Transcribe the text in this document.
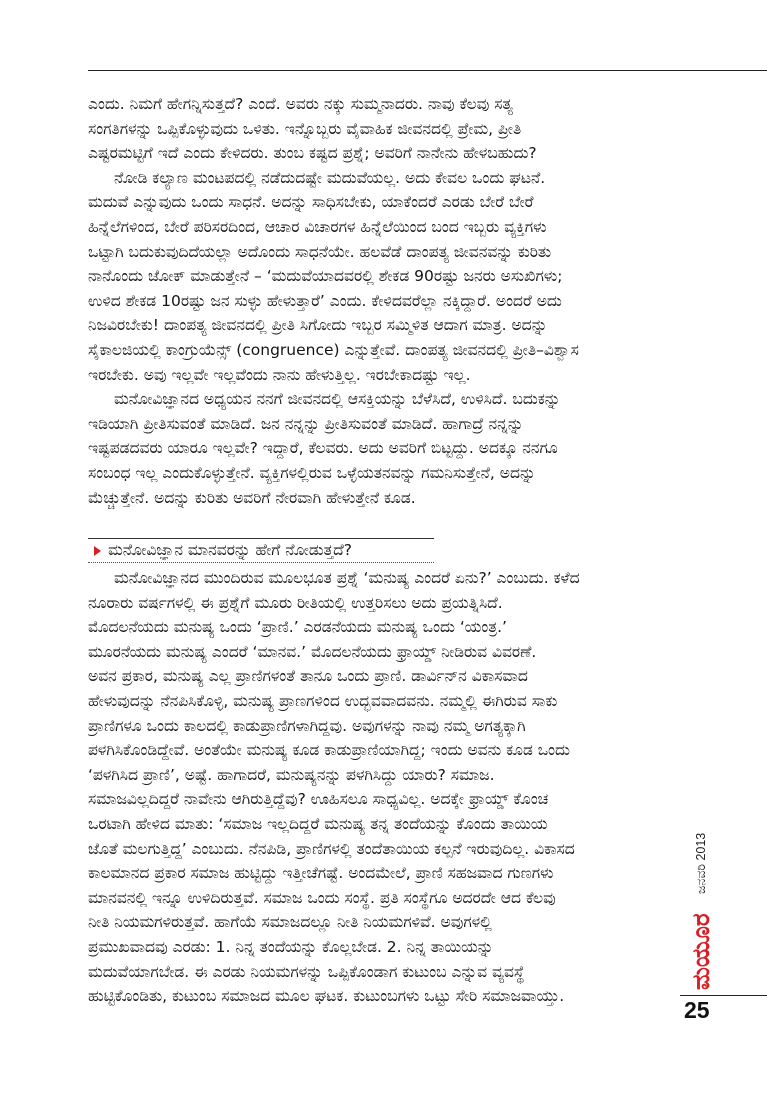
ಎಂದು. ನಿಮಗೆ ಹೇಗನ್ನಿಸುತ್ತದೆ? ಎಂದೆ. ಅವರು ನಕ್ಕು ಸುಮ್ಮನಾದರು. ನಾವು ಕೆಲವು ಸತ್ಯ
ಸಂಗತಿಗಳನ್ನು ಒಪ್ಪಿಕೊಳ್ಳುವುದು ಒಳಿತು. ಇನ್ನೊಬ್ಬರು ವೈವಾಹಿಕ ಜೀವನದಲ್ಲಿ ಪ್ರೇಮ, ಪ್ರೀತಿ
ಎಷ್ಟರಮಟ್ಟಿಗೆ ಇದೆ ಎಂದು ಕೇಳಿದರು. ತುಂಬ ಕಷ್ಟದ ಪ್ರಶ್ನೆ; ಅವರಿಗೆ ನಾನೇನು ಹೇಳಬಹುದು?
ನೋಡಿ ಕಲ್ಯಾಣ ಮಂಟಪದಲ್ಲಿ ನಡೆದುದಷ್ಟೇ ಮದುವೆಯಲ್ಲ. ಅದು ಕೇವಲ ಒಂದು ಘಟನೆ.
ಮದುವೆ ಎನ್ನುವುದು ಒಂದು ಸಾಧನೆ. ಅದನ್ನು ಸಾಧಿಸಬೇಕು, ಯಾಕೆಂದರೆ ಎರಡು ಬೇರೆ ಬೇರೆ
ಹಿನ್ನೆಲೆಗಳಿಂದ, ಬೇರೆ ಪರಿಸರದಿಂದ, ಆಚಾರ ವಿಚಾರಗಳ ಹಿನ್ನೆಲೆಯಿಂದ ಬಂದ ಇಬ್ಬರು ವ್ಯಕ್ತಿಗಳು
ಒಟ್ಟಾಗಿ ಬದುಕುವುದಿದೆಯಲ್ಲಾ ಅದೊಂದು ಸಾಧನೆಯೇ. ಹಲವೆಡೆ ದಾಂಪತ್ಯ ಜೀವನವನ್ನು ಕುರಿತು
ನಾನೊಂದು ಜೋಕ್ ಮಾಡುತ್ತೇನೆ – ‘ಮದುವೆಯಾದವರಲ್ಲಿ ಶೇಕಡ 90ರಷ್ಟು ಜನರು ಅಸುಖಿಗಳು;
ಉಳಿದ ಶೇಕಡ 10ರಷ್ಟು ಜನ ಸುಳ್ಳು ಹೇಳುತ್ತಾರೆ’ ಎಂದು. ಕೇಳಿದವರೆಲ್ಲಾ ನಕ್ಕಿದ್ದಾರೆ. ಅಂದರೆ ಅದು
ನಿಜವಿರಬೇಕು! ದಾಂಪತ್ಯ ಜೀವನದಲ್ಲಿ ಪ್ರೀತಿ ಸಿಗೋದು ಇಬ್ಬರ ಸಮ್ಮಿಳಿತ ಆದಾಗ ಮಾತ್ರ. ಅದನ್ನು
ಸೈಕಾಲಜಿಯಲ್ಲಿ ಕಾಂಗ್ರುಯೆನ್ಸ್ (congruence) ಎನ್ನುತ್ತೇವೆ. ದಾಂಪತ್ಯ ಜೀವನದಲ್ಲಿ ಪ್ರೀತಿ–ವಿಶ್ವಾಸ
ಇರಬೇಕು. ಅವು ಇಲ್ಲವೇ ಇಲ್ಲವೆಂದು ನಾನು ಹೇಳುತ್ತಿಲ್ಲ. ಇರಬೇಕಾದಷ್ಟು ಇಲ್ಲ.
ಮನೋವಿಜ್ಞಾನದ ಅಧ್ಯಯನ ನನಗೆ ಜೀವನದಲ್ಲಿ ಆಸಕ್ತಿಯನ್ನು ಬೆಳೆಸಿದೆ, ಉಳಿಸಿದೆ. ಬದುಕನ್ನು
ಇಡಿಯಾಗಿ ಪ್ರೀತಿಸುವಂತೆ ಮಾಡಿದೆ. ಜನ ನನ್ನನ್ನು ಪ್ರೀತಿಸುವಂತೆ ಮಾಡಿದೆ. ಹಾಗಾದ್ರೆ ನನ್ನನ್ನು
ಇಷ್ಟಪಡದವರು ಯಾರೂ ಇಲ್ಲವೇ? ಇದ್ದಾರೆ, ಕೆಲವರು. ಅದು ಅವರಿಗೆ ಬಿಟ್ಟದ್ದು. ಅದಕ್ಕೂ ನನಗೂ
ಸಂಬಂಧ ಇಲ್ಲ ಎಂದುಕೊಳ್ಳುತ್ತೇನೆ. ವ್ಯಕ್ತಿಗಳಲ್ಲಿರುವ ಒಳ್ಳೆಯತನವನ್ನು ಗಮನಿಸುತ್ತೇನೆ, ಅದನ್ನು
ಮೆಚ್ಚುತ್ತೇನೆ. ಅದನ್ನು ಕುರಿತು ಅವರಿಗೆ ನೇರವಾಗಿ ಹೇಳುತ್ತೇನೆ ಕೂಡ.
ಮನೋವಿಜ್ಞಾನ ಮಾನವರನ್ನು ಹೇಗೆ ನೋಡುತ್ತದೆ?
ಮನೋವಿಜ್ಞಾನದ ಮುಂದಿರುವ ಮೂಲಭೂತ ಪ್ರಶ್ನೆ ‘ಮನುಷ್ಯ ಎಂದರೆ ಏನು?’ ಎಂಬುದು. ಕಳೆದ
ನೂರಾರು ವರ್ಷಗಳಲ್ಲಿ ಈ ಪ್ರಶ್ನೆಗೆ ಮೂರು ರೀತಿಯಲ್ಲಿ ಉತ್ತರಿಸಲು ಅದು ಪ್ರಯತ್ನಿಸಿದೆ.
ಮೊದಲನೆಯದು ಮನುಷ್ಯ ಒಂದು ‘ಪ್ರಾಣಿ.’ ಎರಡನೆಯದು ಮನುಷ್ಯ ಒಂದು ‘ಯಂತ್ರ.’
ಮೂರನೆಯದು ಮನುಷ್ಯ ಎಂದರೆ ‘ಮಾನವ.’ ಮೊದಲನೆಯದು ಫ್ರಾಯ್ಡ್ ನೀಡಿರುವ ವಿವರಣೆ.
ಅವನ ಪ್ರಕಾರ, ಮನುಷ್ಯ ಎಲ್ಲ ಪ್ರಾಣಿಗಳಂತೆ ತಾನೂ ಒಂದು ಪ್ರಾಣಿ. ಡಾರ್ವಿನ್‌ನ ವಿಕಾಸವಾದ
ಹೇಳುವುದನ್ನು ನೆನಪಿಸಿಕೊಳ್ಳಿ, ಮನುಷ್ಯ ಪ್ರಾಣಗಳಿಂದ ಉದ್ಭವವಾದವನು. ನಮ್ಮಲ್ಲಿ ಈಗಿರುವ ಸಾಕು
ಪ್ರಾಣಿಗಳೂ ಒಂದು ಕಾಲದಲ್ಲಿ ಕಾಡುಪ್ರಾಣಿಗಳಾಗಿದ್ದವು. ಅವುಗಳನ್ನು ನಾವು ನಮ್ಮ ಅಗತ್ಯಕ್ಕಾಗಿ
ಪಳಗಿಸಿಕೊಂಡಿದ್ದೇವೆ. ಅಂತೆಯೇ ಮನುಷ್ಯ ಕೂಡ ಕಾಡುಪ್ರಾಣಿಯಾಗಿದ್ದ; ಇಂದು ಅವನು ಕೂಡ ಒಂದು
‘ಪಳಗಿಸಿದ ಪ್ರಾಣಿ’, ಅಷ್ಟೆ. ಹಾಗಾದರೆ, ಮನುಷ್ಯನನ್ನು ಪಳಗಿಸಿದ್ದು ಯಾರು? ಸಮಾಜ.
ಸಮಾಜವಿಲ್ಲದಿದ್ದರೆ ನಾವೇನು ಆಗಿರುತ್ತಿದ್ದೆವು? ಊಹಿಸಲೂ ಸಾಧ್ಯವಿಲ್ಲ. ಅದಕ್ಕೇ ಫ್ರಾಯ್ಡ್ ಕೊಂಚ
ಒರಟಾಗಿ ಹೇಳಿದ ಮಾತು: ‘ಸಮಾಜ ಇಲ್ಲದಿದ್ದರೆ ಮನುಷ್ಯ ತನ್ನ ತಂದೆಯನ್ನು ಕೊಂದು ತಾಯಿಯ
ಜೊತೆ ಮಲಗುತ್ತಿದ್ದ’ ಎಂಬುದು. ನೆನಪಿಡಿ, ಪ್ರಾಣಿಗಳಲ್ಲಿ ತಂದೆತಾಯಿಯ ಕಲ್ಪನೆ ಇರುವುದಿಲ್ಲ. ವಿಕಾಸದ
ಕಾಲಮಾನದ ಪ್ರಕಾರ ಸಮಾಜ ಹುಟ್ಟಿದ್ದು ಇತ್ತೀಚೆಗಷ್ಟೆ. ಅಂದಮೇಲೆ, ಪ್ರಾಣಿ ಸಹಜವಾದ ಗುಣಗಳು
ಮಾನವನಲ್ಲಿ ಇನ್ನೂ ಉಳಿದಿರುತ್ತವೆ. ಸಮಾಜ ಒಂದು ಸಂಸ್ಥೆ. ಪ್ರತಿ ಸಂಸ್ಥೆಗೂ ಅದರದೇ ಆದ ಕೆಲವು
ನೀತಿ ನಿಯಮಗಳಿರುತ್ತವೆ. ಹಾಗೆಯೆ ಸಮಾಜದಲ್ಲೂ ನೀತಿ ನಿಯಮಗಳಿವೆ. ಅವುಗಳಲ್ಲಿ
ಪ್ರಮುಖವಾದವು ಎರಡು: 1. ನಿನ್ನ ತಂದೆಯನ್ನು ಕೊಲ್ಲಬೇಡ. 2. ನಿನ್ನ ತಾಯಿಯನ್ನು
ಮದುವೆಯಾಗಬೇಡ. ಈ ಎರಡು ನಿಯಮಗಳನ್ನು ಒಪ್ಪಿಕೊಂಡಾಗ ಕುಟುಂಬ ಎನ್ನುವ ವ್ಯವಸ್ಥೆ
ಹುಟ್ಟಿಕೊಂಡಿತು, ಕುಟುಂಬ ಸಮಾಜದ ಮೂಲ ಘಟಕ. ಕುಟುಂಬಗಳು ಒಟ್ಟು ಸೇರಿ ಸಮಾಜವಾಯ್ತು.
ಜನವರಿ 2013
ಮಯೂರ
25
